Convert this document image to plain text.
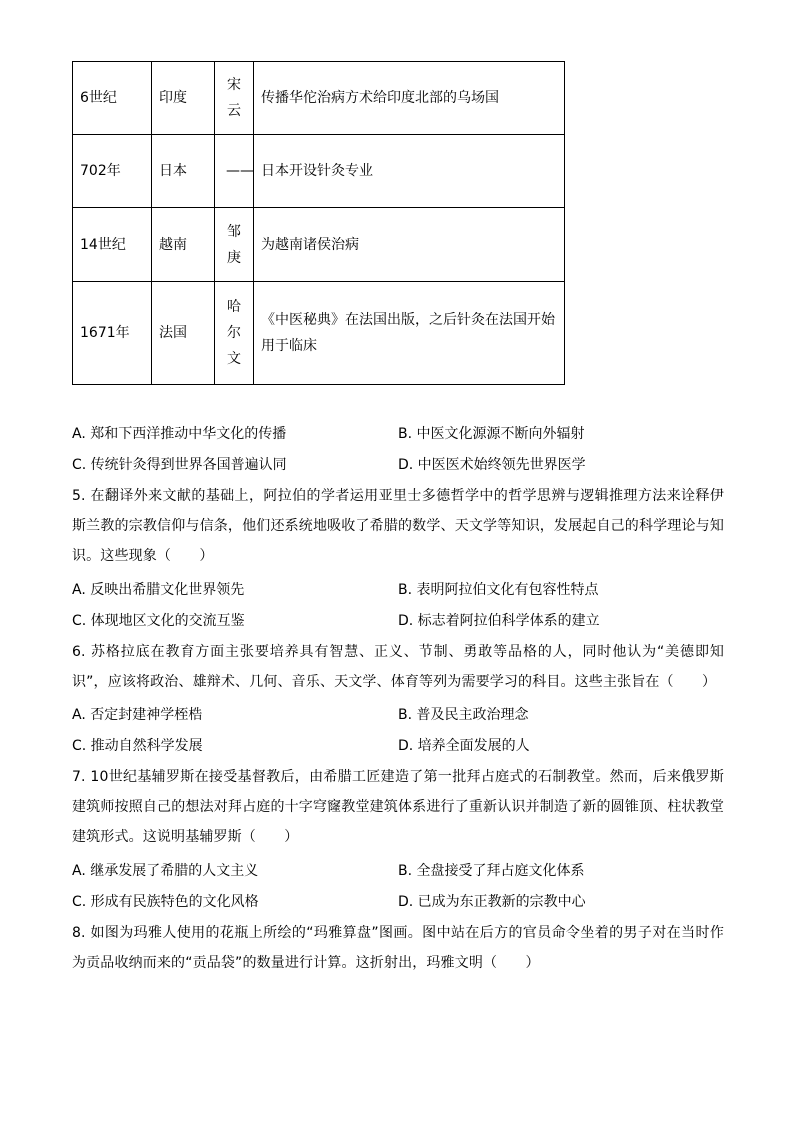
6世纪	印度	宋云	传播华佗治病方术给印度北部的乌场国
702年	日本	——	日本开设针灸专业
14世纪	越南	邹庚	为越南诸侯治病
1671年	法国	哈尔文	《中医秘典》在法国出版，之后针灸在法国开始用于临床
A. 郑和下西洋推动中华文化的传播	B. 中医文化源源不断向外辐射
C. 传统针灸得到世界各国普遍认同	D. 中医医术始终领先世界医学
5. 在翻译外来文献的基础上，阿拉伯的学者运用亚里士多德哲学中的哲学思辨与逻辑推理方法来诠释伊斯兰教的宗教信仰与信条，他们还系统地吸收了希腊的数学、天文学等知识，发展起自己的科学理论与知识。这些现象（　　）
A. 反映出希腊文化世界领先	B. 表明阿拉伯文化有包容性特点
C. 体现地区文化的交流互鉴	D. 标志着阿拉伯科学体系的建立
6. 苏格拉底在教育方面主张要培养具有智慧、正义、节制、勇敢等品格的人，同时他认为“美德即知识”，应该将政治、雄辩术、几何、音乐、天文学、体育等列为需要学习的科目。这些主张旨在（　　）
A. 否定封建神学桎梏	B. 普及民主政治理念
C. 推动自然科学发展	D. 培养全面发展的人
7. 10世纪基辅罗斯在接受基督教后，由希腊工匠建造了第一批拜占庭式的石制教堂。然而，后来俄罗斯建筑师按照自己的想法对拜占庭的十字穹窿教堂建筑体系进行了重新认识并制造了新的圆锥顶、柱状教堂建筑形式。这说明基辅罗斯（　　）
A. 继承发展了希腊的人文主义	B. 全盘接受了拜占庭文化体系
C. 形成有民族特色的文化风格	D. 已成为东正教新的宗教中心
8. 如图为玛雅人使用的花瓶上所绘的“玛雅算盘”图画。图中站在后方的官员命令坐着的男子对在当时作为贡品收纳而来的“贡品袋”的数量进行计算。这折射出，玛雅文明（　　）
